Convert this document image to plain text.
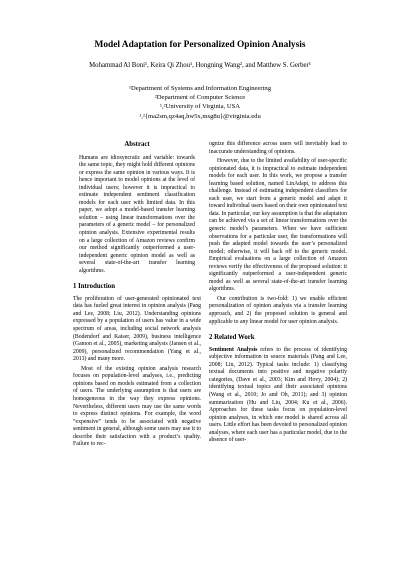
Model Adaptation for Personalized Opinion Analysis
Mohammad Al Boni¹, Keira Qi Zhou¹, Hongning Wang², and Matthew S. Gerber¹
¹Department of Systems and Information Engineering
²Department of Computer Science
¹,²University of Virginia, USA
¹,²{ma2sm,qz4aq,hw5x,msg8u}@virginia.edu
Abstract

Humans are idiosyncratic and variable: towards the same topic, they might hold different opinions or express the same opinion in various ways. It is hence important to model opinions at the level of individual users; however it is impractical to estimate independent sentiment classification models for each user with limited data. In this paper, we adopt a model-based transfer learning solution – using linear transformations over the parameters of a generic model – for personalized opinion analysis. Extensive experimental results on a large collection of Amazon reviews confirm our method significantly outperformed a user-independent generic opinion model as well as several state-of-the-art transfer learning algorithms.

1 Introduction

The proliferation of user-generated opinionated text data has fueled great interest in opinion analysis (Pang and Lee, 2008; Liu, 2012). Understanding opinions expressed by a population of users has value in a wide spectrum of areas, including social network analysis (Bodendorf and Kaiser, 2009), business intelligence (Gamon et al., 2005), marketing analysis (Jansen et al., 2009), personalized recommendation (Yang et al., 2013) and many more.

Most of the existing opinion analysis research focuses on population-level analyses, i.e., predicting opinions based on models estimated from a collection of users. The underlying assumption is that users are homogeneous in the way they express opinions. Nevertheless, different users may use the same words to express distinct opinions. For example, the word “expensive” tends to be associated with negative sentiment in general, although some users may use it to describe their satisfaction with a product’s quality. Failure to rec-

ognize this difference across users will inevitably lead to inaccurate understanding of opinions.

However, due to the limited availability of user-specific opinionated data, it is impractical to estimate independent models for each user. In this work, we propose a transfer learning based solution, named LinAdapt, to address this challenge. Instead of estimating independent classifiers for each user, we start from a generic model and adapt it toward individual users based on their own opinionated text data. In particular, our key assumption is that the adaptation can be achieved via a set of linear transformations over the generic model’s parameters. When we have sufficient observations for a particular user, the transformations will push the adapted model towards the user’s personalized model; otherwise, it will back off to the generic model. Empirical evaluations on a large collection of Amazon reviews verify the effectiveness of the proposed solution: it significantly outperformed a user-independent generic model as well as several state-of-the-art transfer learning algorithms.

Our contribution is two-fold: 1) we enable efficient personalization of opinion analysis via a transfer learning approach, and 2) the proposed solution is general and applicable to any linear model for user opinion analysis.

2 Related Work

Sentiment Analysis refers to the process of identifying subjective information in source materials (Pang and Lee, 2008; Liu, 2012). Typical tasks include: 1) classifying textual documents into positive and negative polarity categories, (Dave et al., 2003; Kim and Hovy, 2004); 2) identifying textual topics and their associated opinions (Wang et al., 2010; Jo and Oh, 2011); and 3) opinion summarization (Hu and Liu, 2004; Ku et al., 2006). Approaches for these tasks focus on population-level opinion analyses, in which one model is shared across all users. Little effort has been devoted to personalized opinion analyses, where each user has a particular model, due to the absence of user-
